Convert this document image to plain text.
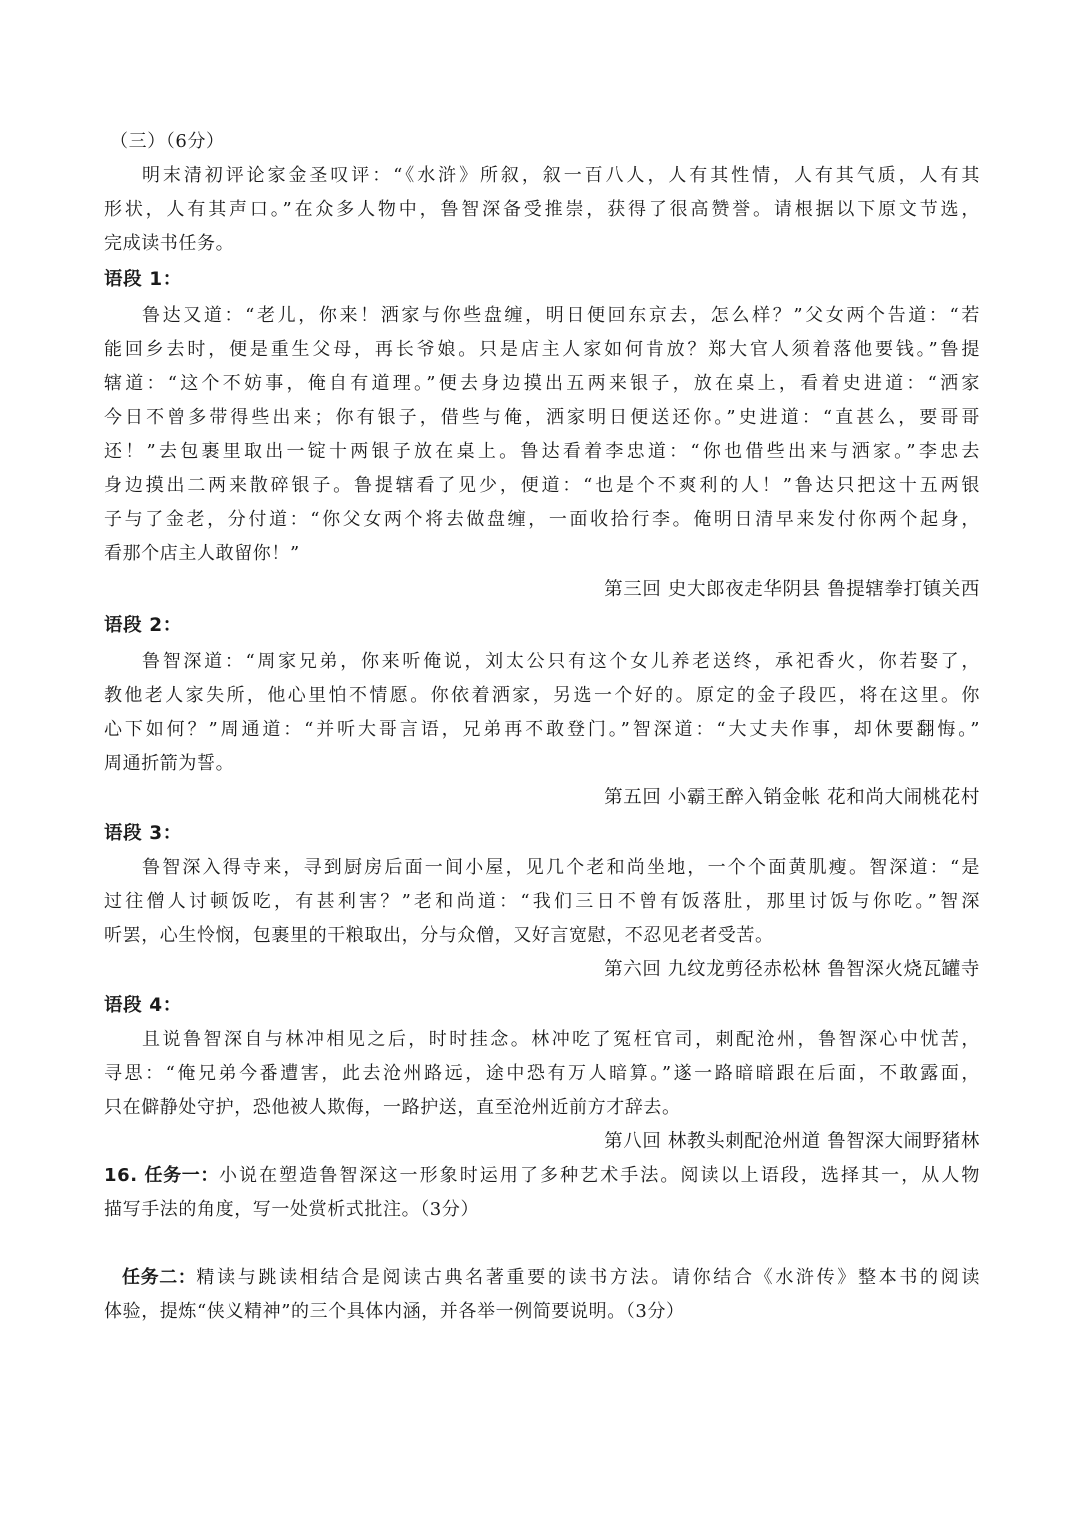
（三）（6分）
明末清初评论家金圣叹评：“《水浒》所叙，叙一百八人，人有其性情，人有其气质，人有其
形状，人有其声口。”在众多人物中，鲁智深备受推崇，获得了很高赞誉。请根据以下原文节选，
完成读书任务。
语段 1：
鲁达又道：“老儿，你来！洒家与你些盘缠，明日便回东京去，怎么样？”父女两个告道：“若
能回乡去时，便是重生父母，再长爷娘。只是店主人家如何肯放？郑大官人须着落他要钱。”鲁提
辖道：“这个不妨事，俺自有道理。”便去身边摸出五两来银子，放在桌上，看着史进道：“洒家
今日不曾多带得些出来；你有银子，借些与俺，洒家明日便送还你。”史进道：“直甚么，要哥哥
还！”去包裹里取出一锭十两银子放在桌上。鲁达看着李忠道：“你也借些出来与洒家。”李忠去
身边摸出二两来散碎银子。鲁提辖看了见少，便道：“也是个不爽利的人！”鲁达只把这十五两银
子与了金老，分付道：“你父女两个将去做盘缠，一面收拾行李。俺明日清早来发付你两个起身，
看那个店主人敢留你！”
第三回 史大郎夜走华阴县 鲁提辖拳打镇关西
语段 2：
鲁智深道：“周家兄弟，你来听俺说，刘太公只有这个女儿养老送终，承祀香火，你若娶了，
教他老人家失所，他心里怕不情愿。你依着洒家，另选一个好的。原定的金子段匹，将在这里。你
心下如何？”周通道：“并听大哥言语，兄弟再不敢登门。”智深道：“大丈夫作事，却休要翻悔。”
周通折箭为誓。
第五回 小霸王醉入销金帐 花和尚大闹桃花村
语段 3：
鲁智深入得寺来，寻到厨房后面一间小屋，见几个老和尚坐地，一个个面黄肌瘦。智深道：“是
过往僧人讨顿饭吃，有甚利害？”老和尚道：“我们三日不曾有饭落肚，那里讨饭与你吃。”智深
听罢，心生怜悯，包裹里的干粮取出，分与众僧，又好言宽慰，不忍见老者受苦。
第六回 九纹龙剪径赤松林 鲁智深火烧瓦罐寺
语段 4：
且说鲁智深自与林冲相见之后，时时挂念。林冲吃了冤枉官司，刺配沧州，鲁智深心中忧苦，
寻思：“俺兄弟今番遭害，此去沧州路远，途中恐有万人暗算。”遂一路暗暗跟在后面，不敢露面，
只在僻静处守护，恐他被人欺侮，一路护送，直至沧州近前方才辞去。
第八回 林教头刺配沧州道 鲁智深大闹野猪林
16. 任务一： 小说在塑造鲁智深这一形象时运用了多种艺术手法。阅读以上语段，选择其一，从人物
描写手法的角度，写一处赏析式批注。（3分）
任务二： 精读与跳读相结合是阅读古典名著重要的读书方法。请你结合《水浒传》整本书的阅读
体验，提炼“侠义精神”的三个具体内涵，并各举一例简要说明。（3分）
